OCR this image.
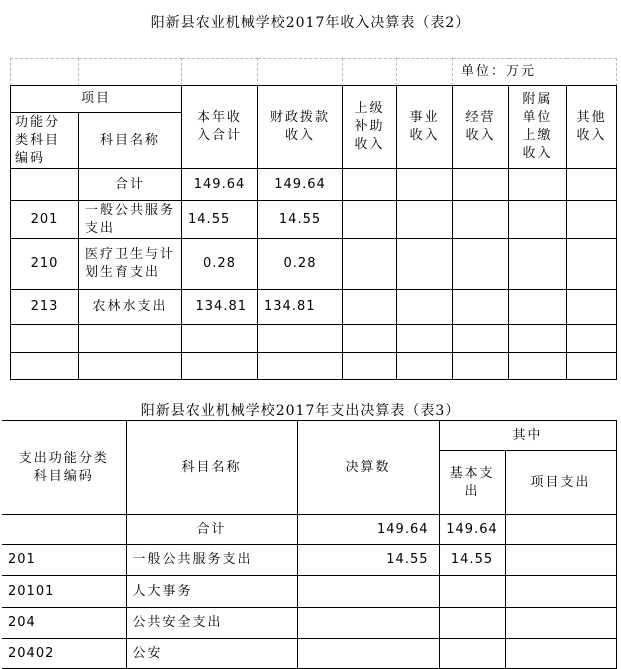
阳新县农业机械学校2017年收入决算表（表2）
						单位：万元
项目		本年收入合计	财政拨款收入	上级补助收入	事业收入	经营收入	附属单位上缴收入	其他收入

功能分类科目编码	科目名称							
	合计	149.64	149.64					
201	一般公共服务支出	14.55	14.55					
210	医疗卫生与计划生育支出	0.28	0.28					
213	农林水支出	134.81	134.81					

阳新县农业机械学校2017年支出决算表（表3）
支出功能分类科目编码	科目名称	决算数	其中	

			基本支出	项目支出
	合计	149.64	149.64	
201	一般公共服务支出	14.55	14.55	
20101	人大事务			
204	公共安全支出			
20402	公安			
